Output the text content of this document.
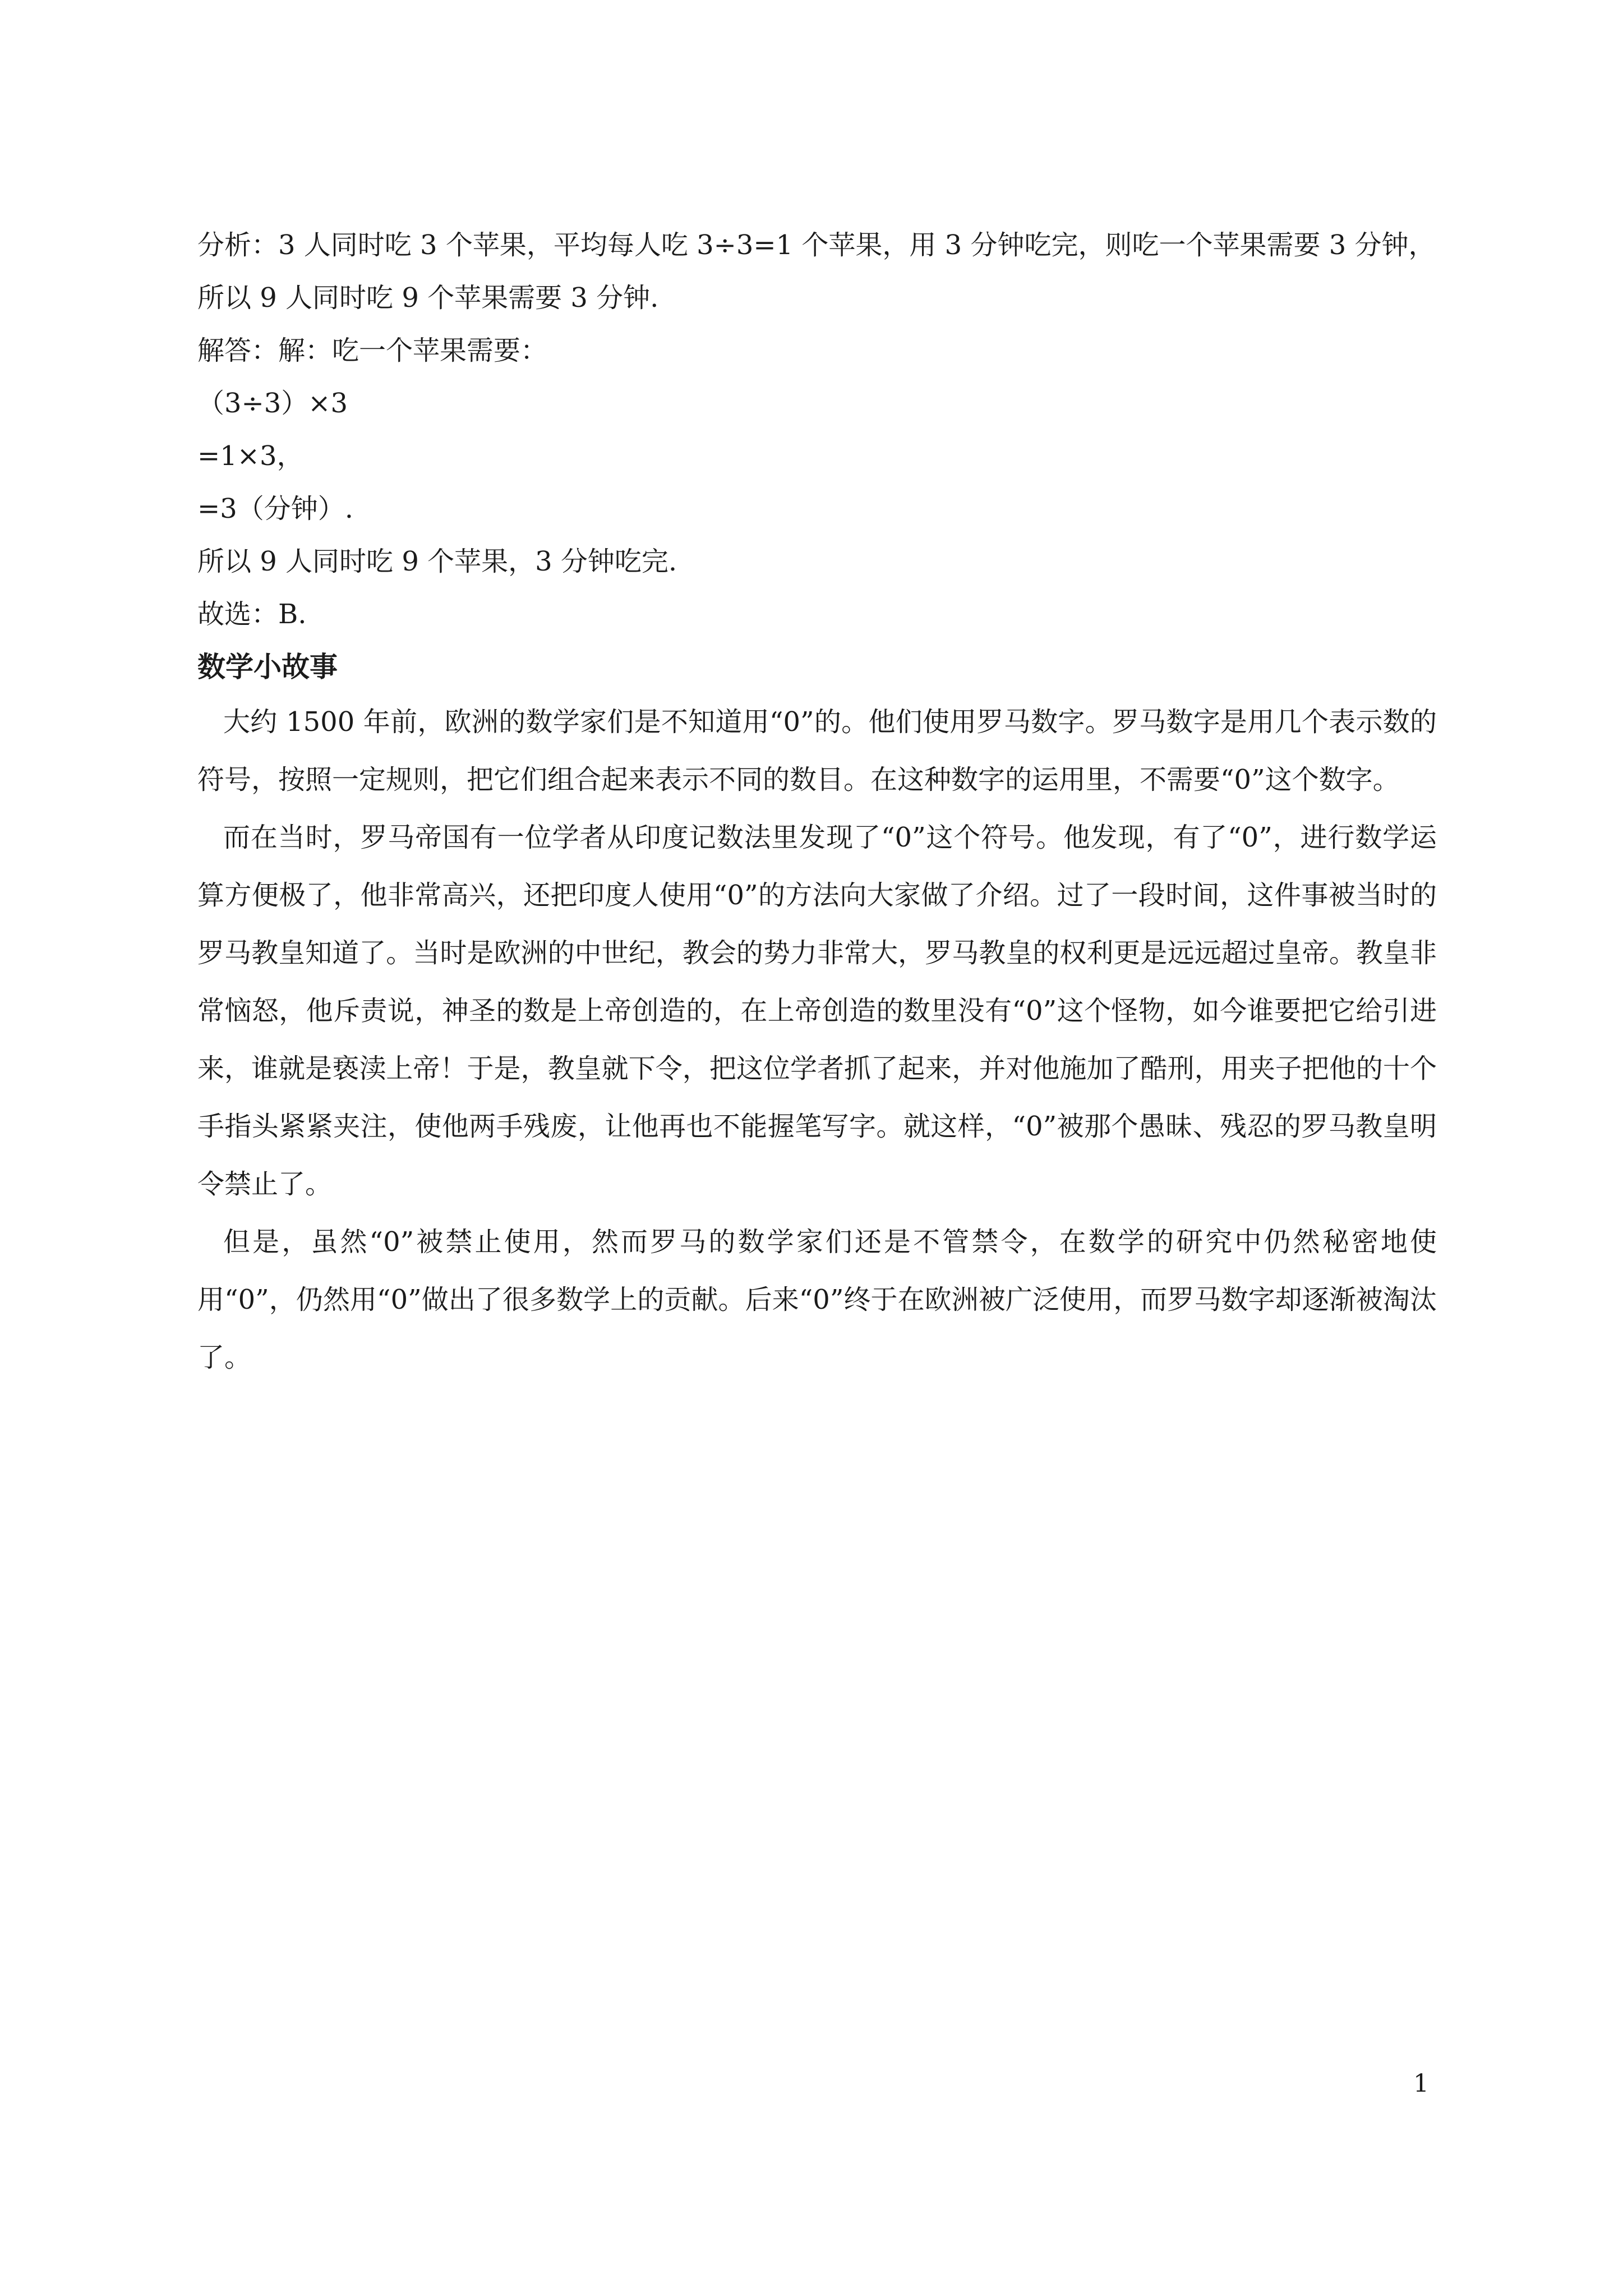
分析：3 人同时吃 3 个苹果，平均每人吃 3÷3=1 个苹果，用 3 分钟吃完，则吃一个苹果需要 3 分钟，

所以 9 人同时吃 9 个苹果需要 3 分钟.

解答：解：吃一个苹果需要：

（3÷3）×3

=1×3，

=3（分钟）.

所以 9 人同时吃 9 个苹果，3 分钟吃完.

故选：B.

数学小故事

大约 1500 年前，欧洲的数学家们是不知道用“0”的。他们使用罗马数字。罗马数字是用几个表示数的符号，按照一定规则，把它们组合起来表示不同的数目。在这种数字的运用里，不需要“0”这个数字。

而在当时，罗马帝国有一位学者从印度记数法里发现了“0”这个符号。他发现，有了“0”，进行数学运算方便极了，他非常高兴，还把印度人使用“0”的方法向大家做了介绍。过了一段时间，这件事被当时的罗马教皇知道了。当时是欧洲的中世纪，教会的势力非常大，罗马教皇的权利更是远远超过皇帝。教皇非常恼怒，他斥责说，神圣的数是上帝创造的，在上帝创造的数里没有“0”这个怪物，如今谁要把它给引进来，谁就是亵渎上帝！于是，教皇就下令，把这位学者抓了起来，并对他施加了酷刑，用夹子把他的十个手指头紧紧夹注，使他两手残废，让他再也不能握笔写字。就这样，“0”被那个愚昧、残忍的罗马教皇明令禁止了。

但是，虽然“0”被禁止使用，然而罗马的数学家们还是不管禁令，在数学的研究中仍然秘密地使用“0”，仍然用“0”做出了很多数学上的贡献。后来“0”终于在欧洲被广泛使用，而罗马数字却逐渐被淘汰了。

1
